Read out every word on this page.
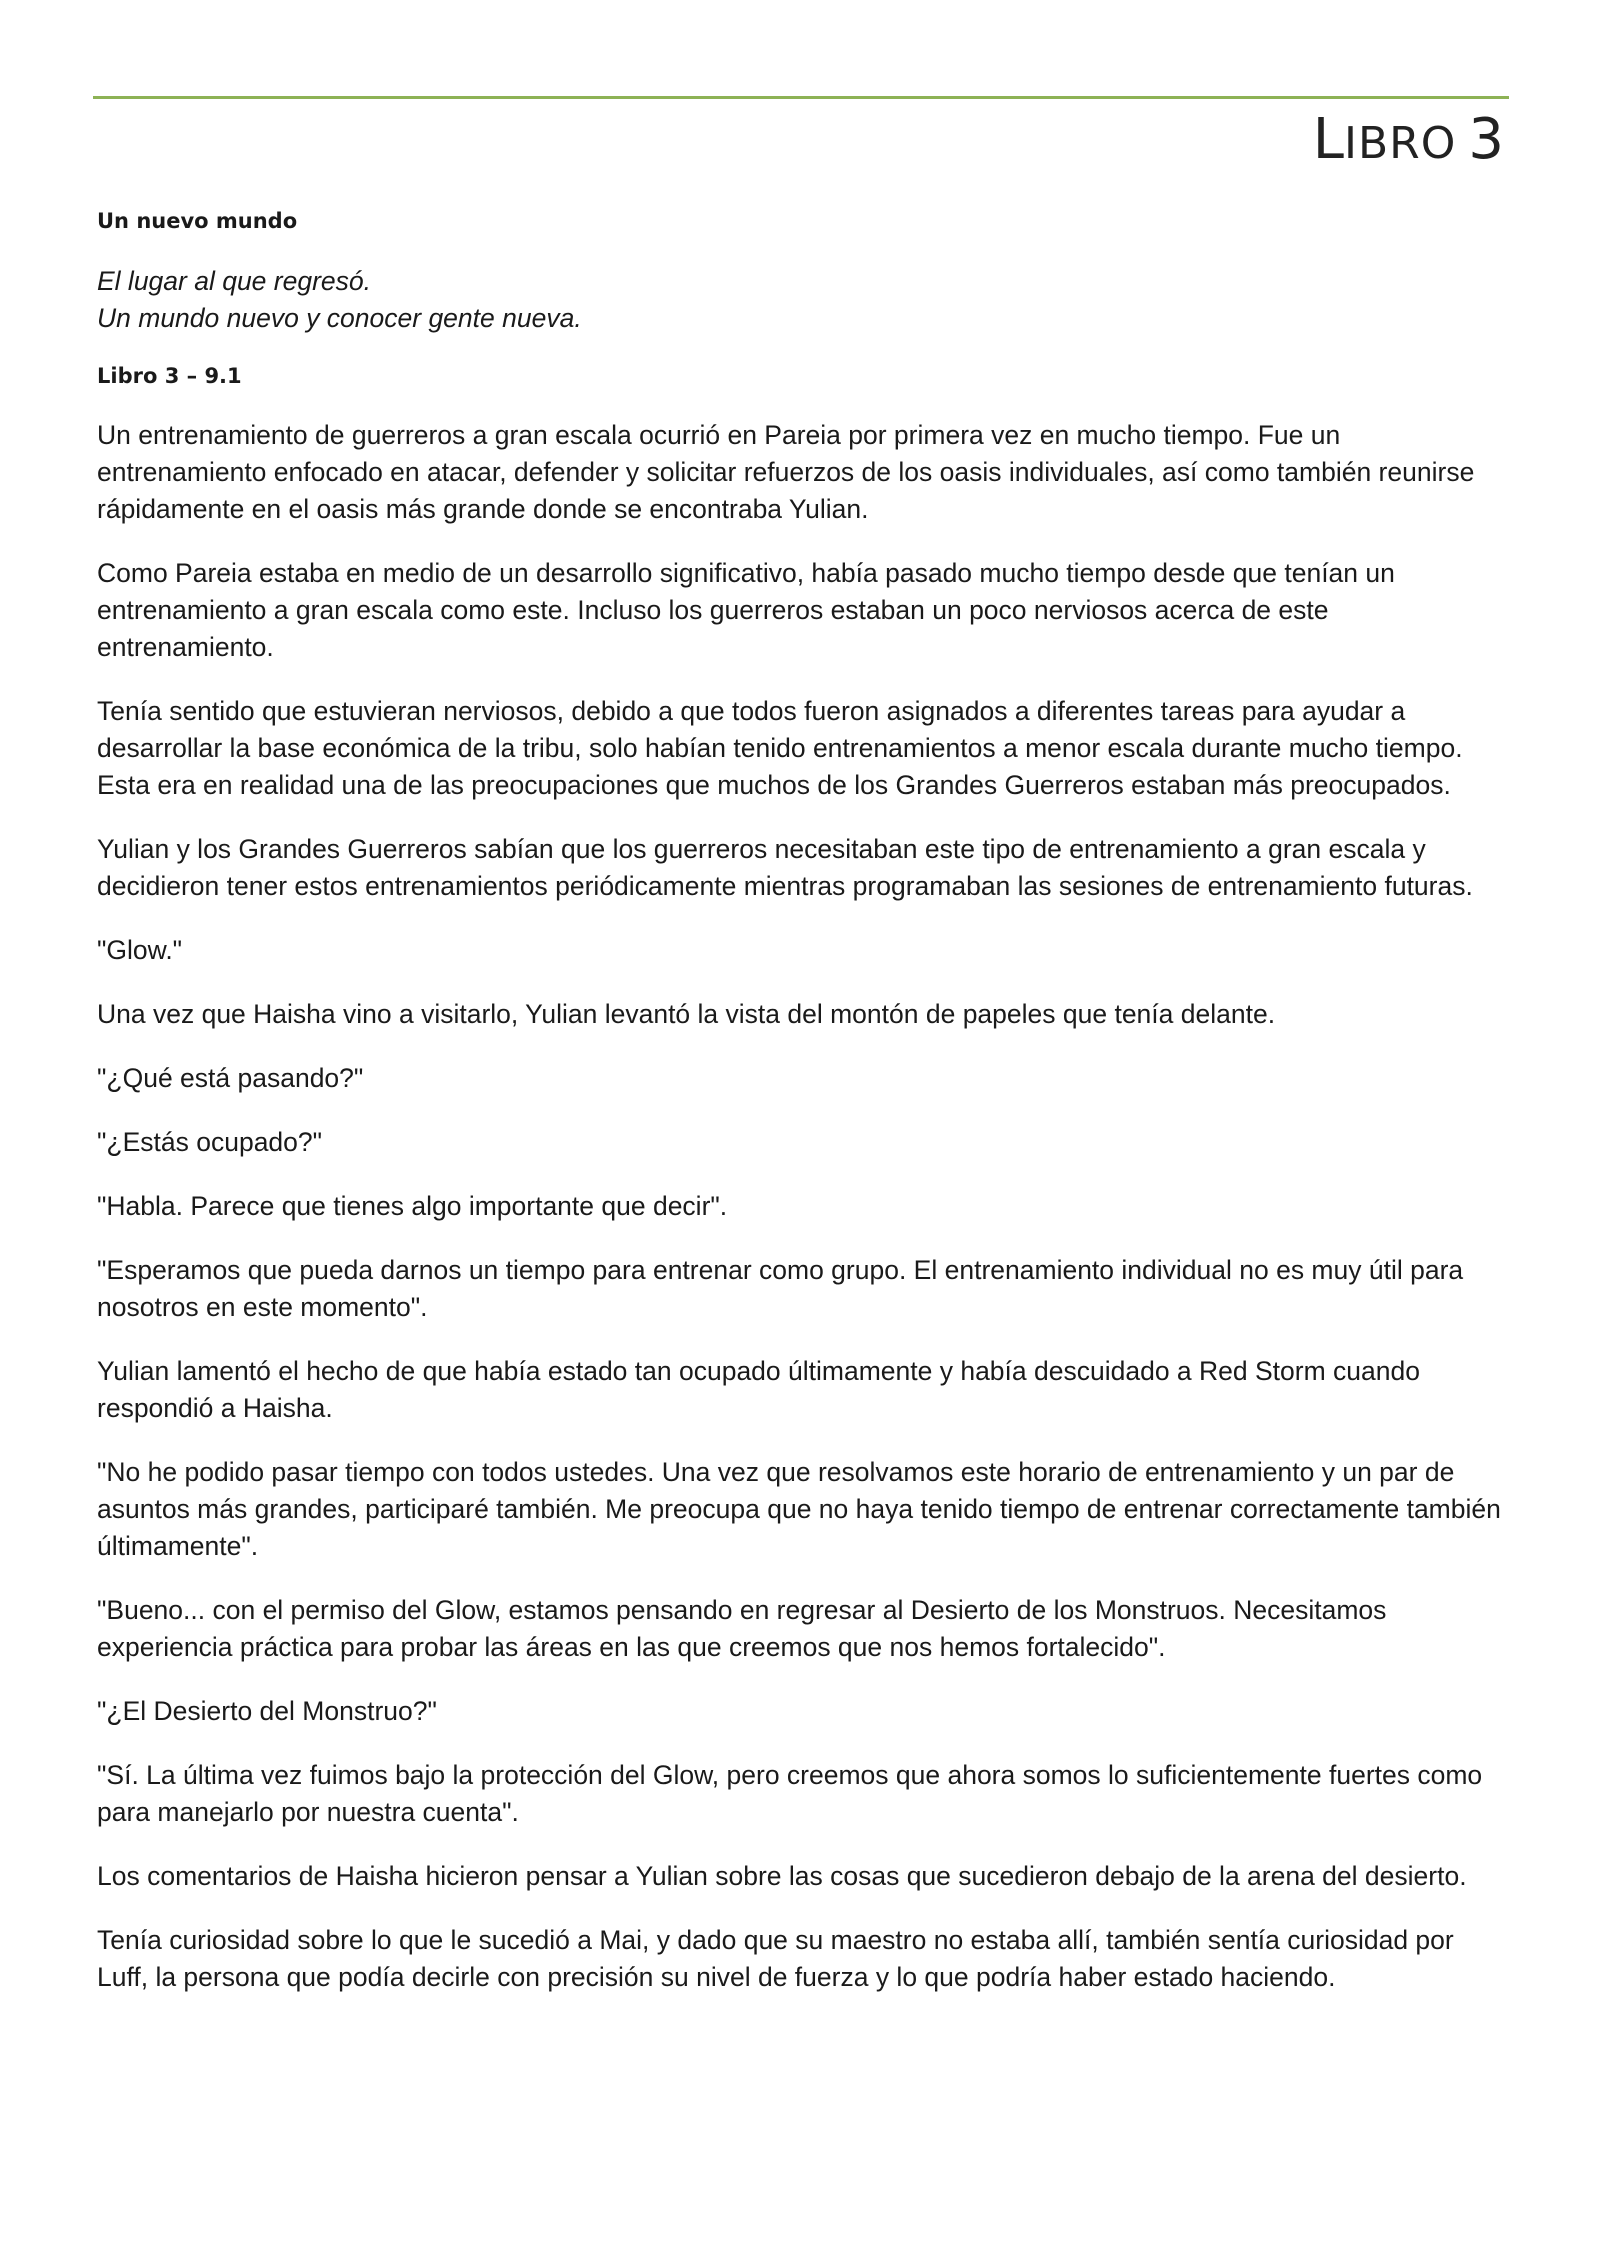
LIBRO 3
Un nuevo mundo

El lugar al que regresó.
Un mundo nuevo y conocer gente nueva.

Libro 3 – 9.1

Un entrenamiento de guerreros a gran escala ocurrió en Pareia por primera vez en mucho tiempo. Fue un entrenamiento enfocado en atacar, defender y solicitar refuerzos de los oasis individuales, así como también reunirse rápidamente en el oasis más grande donde se encontraba Yulian.

Como Pareia estaba en medio de un desarrollo significativo, había pasado mucho tiempo desde que tenían un entrenamiento a gran escala como este. Incluso los guerreros estaban un poco nerviosos acerca de este entrenamiento.

Tenía sentido que estuvieran nerviosos, debido a que todos fueron asignados a diferentes tareas para ayudar a desarrollar la base económica de la tribu, solo habían tenido entrenamientos a menor escala durante mucho tiempo. Esta era en realidad una de las preocupaciones que muchos de los Grandes Guerreros estaban más preocupados.

Yulian y los Grandes Guerreros sabían que los guerreros necesitaban este tipo de entrenamiento a gran escala y decidieron tener estos entrenamientos periódicamente mientras programaban las sesiones de entrenamiento futuras.

"Glow."

Una vez que Haisha vino a visitarlo, Yulian levantó la vista del montón de papeles que tenía delante.

"¿Qué está pasando?"

"¿Estás ocupado?"

"Habla. Parece que tienes algo importante que decir".

"Esperamos que pueda darnos un tiempo para entrenar como grupo. El entrenamiento individual no es muy útil para nosotros en este momento".

Yulian lamentó el hecho de que había estado tan ocupado últimamente y había descuidado a Red Storm cuando respondió a Haisha.

"No he podido pasar tiempo con todos ustedes. Una vez que resolvamos este horario de entrenamiento y un par de asuntos más grandes, participaré también. Me preocupa que no haya tenido tiempo de entrenar correctamente también últimamente".

"Bueno... con el permiso del Glow, estamos pensando en regresar al Desierto de los Monstruos. Necesitamos experiencia práctica para probar las áreas en las que creemos que nos hemos fortalecido".

"¿El Desierto del Monstruo?"

"Sí. La última vez fuimos bajo la protección del Glow, pero creemos que ahora somos lo suficientemente fuertes como para manejarlo por nuestra cuenta".

Los comentarios de Haisha hicieron pensar a Yulian sobre las cosas que sucedieron debajo de la arena del desierto.

Tenía curiosidad sobre lo que le sucedió a Mai, y dado que su maestro no estaba allí, también sentía curiosidad por Luff, la persona que podía decirle con precisión su nivel de fuerza y lo que podría haber estado haciendo.
